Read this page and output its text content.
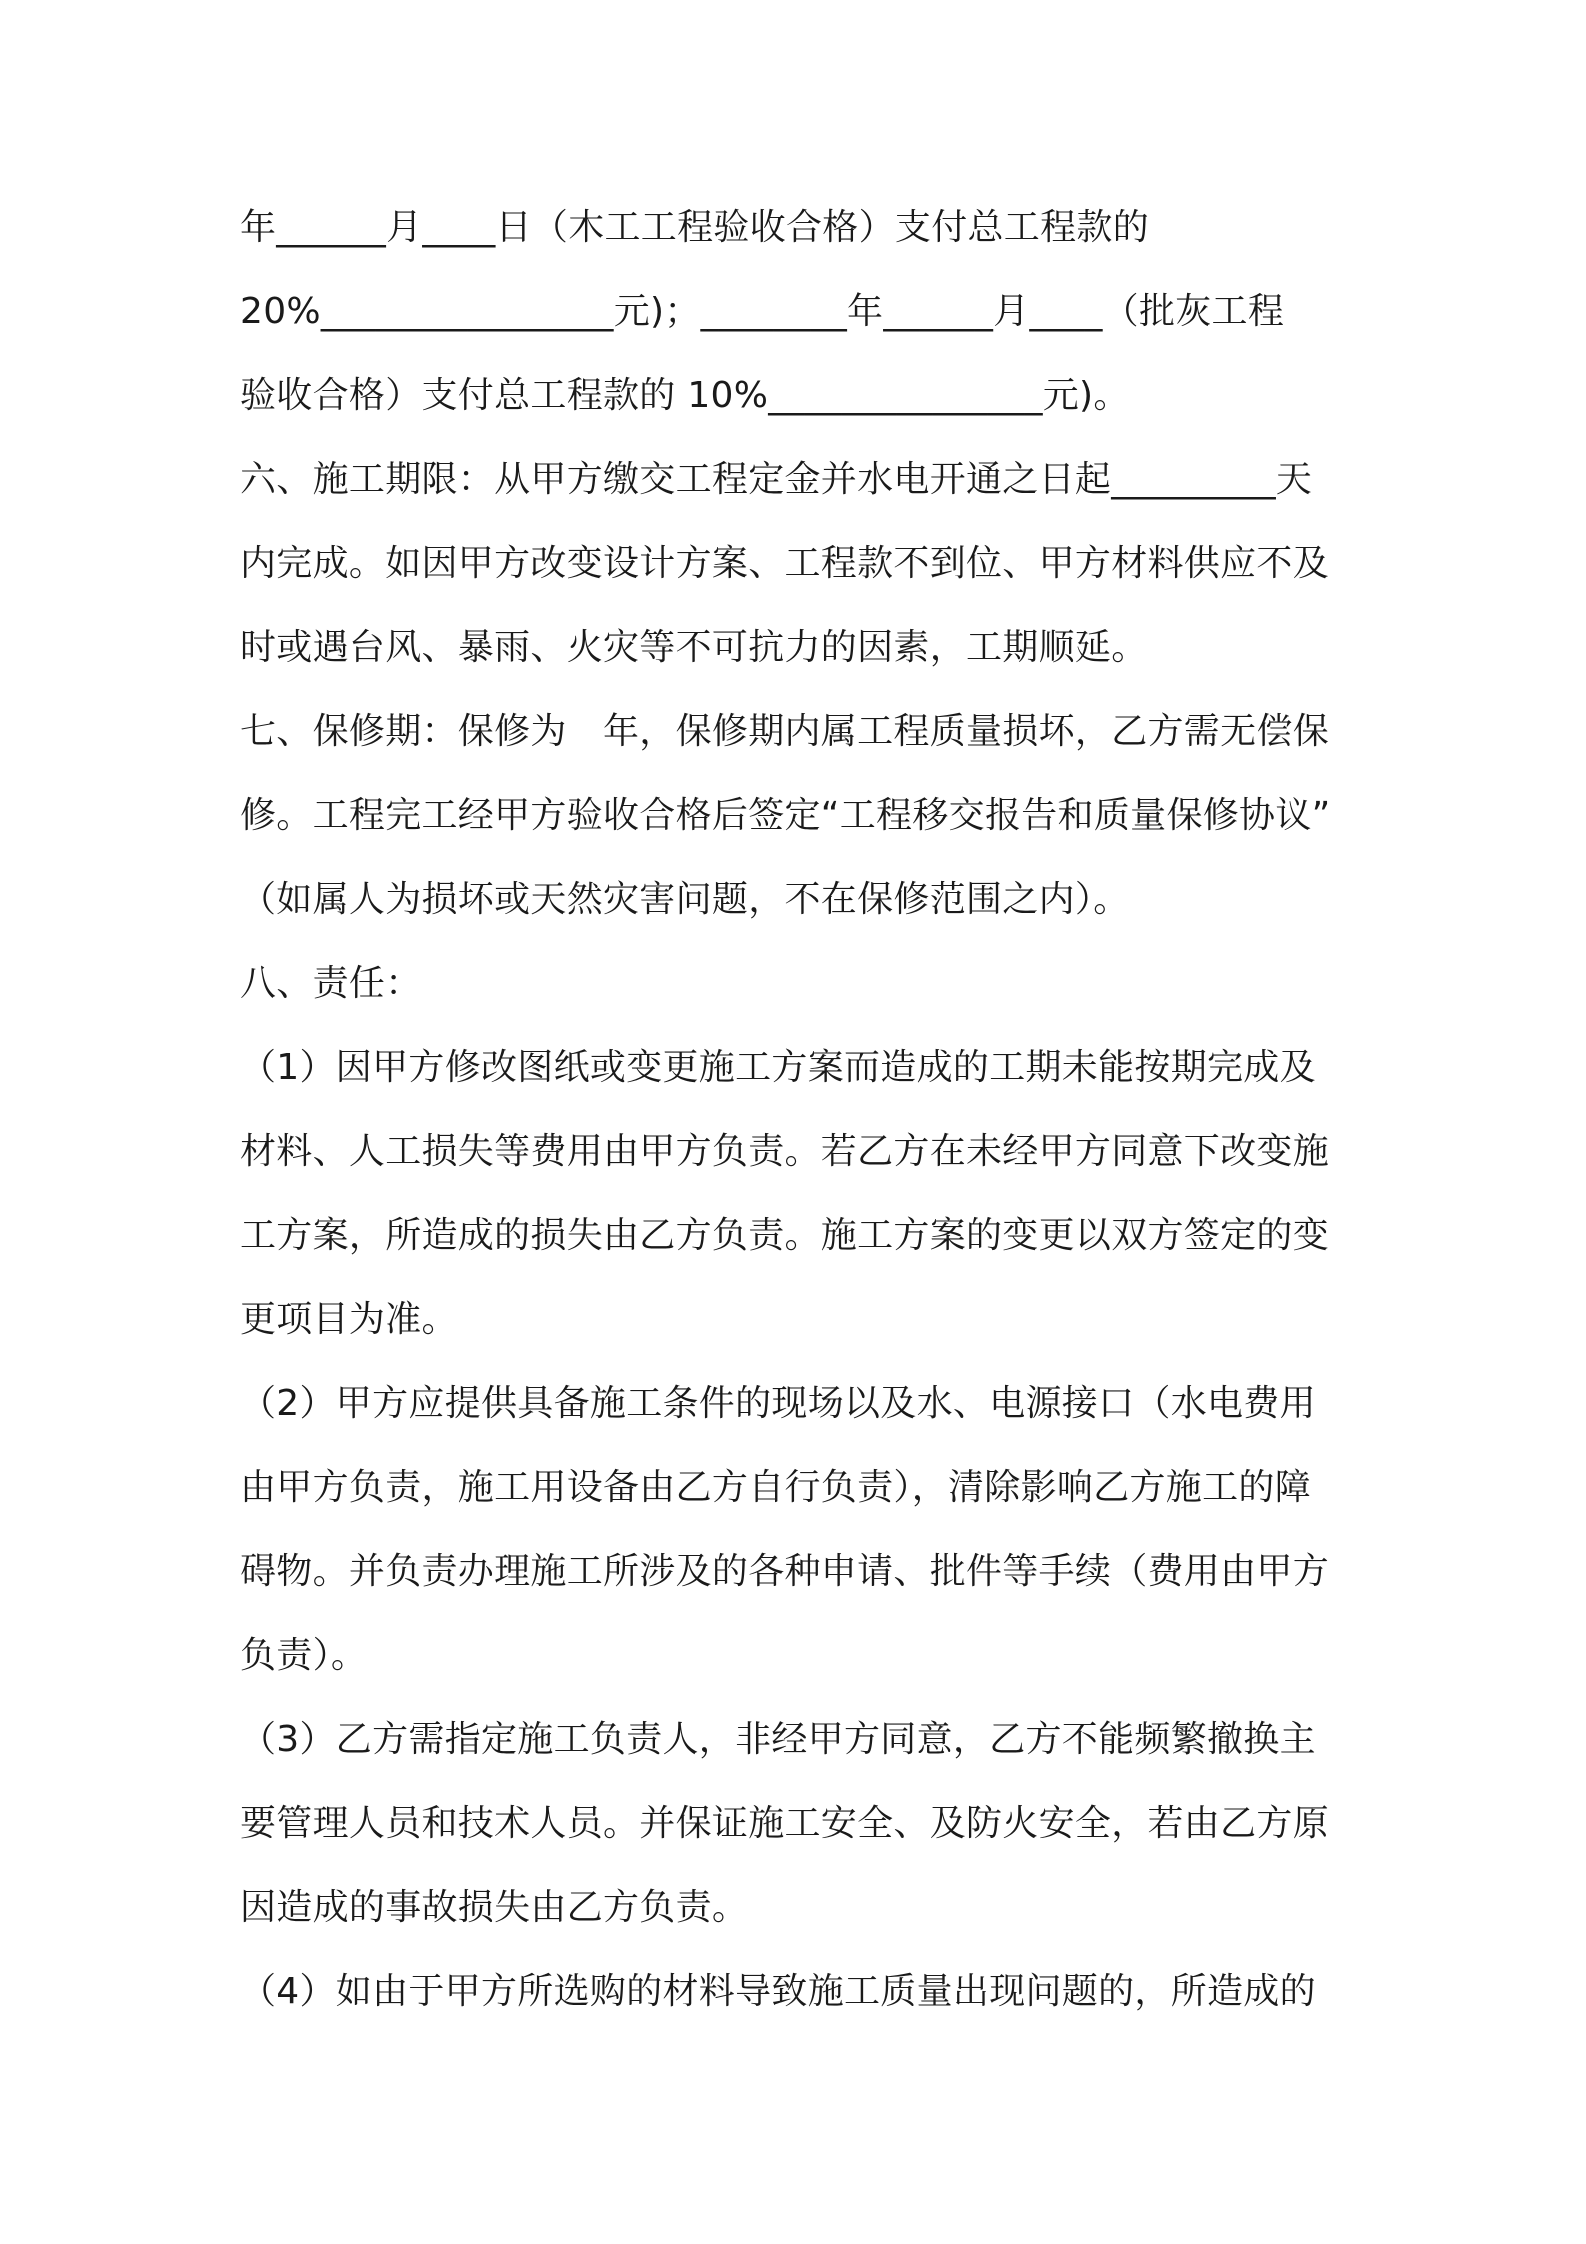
年______月____日（木工工程验收合格）支付总工程款的
20%________________元)；________年______月____（批灰工程
验收合格）支付总工程款的 10%_______________元)。
六、施工期限：从甲方缴交工程定金并水电开通之日起_________天
内完成。如因甲方改变设计方案、工程款不到位、甲方材料供应不及
时或遇台风、暴雨、火灾等不可抗力的因素，工期顺延。
七、保修期：保修为　年，保修期内属工程质量损坏，乙方需无偿保
修。工程完工经甲方验收合格后签定“工程移交报告和质量保修协议”
（如属人为损坏或天然灾害问题，不在保修范围之内）。
八、责任：
（1）因甲方修改图纸或变更施工方案而造成的工期未能按期完成及
材料、人工损失等费用由甲方负责。若乙方在未经甲方同意下改变施
工方案，所造成的损失由乙方负责。施工方案的变更以双方签定的变
更项目为准。
（2）甲方应提供具备施工条件的现场以及水、电源接口（水电费用
由甲方负责，施工用设备由乙方自行负责），清除影响乙方施工的障
碍物。并负责办理施工所涉及的各种申请、批件等手续（费用由甲方
负责）。
（3）乙方需指定施工负责人，非经甲方同意，乙方不能频繁撤换主
要管理人员和技术人员。并保证施工安全、及防火安全，若由乙方原
因造成的事故损失由乙方负责。
（4）如由于甲方所选购的材料导致施工质量出现问题的，所造成的
